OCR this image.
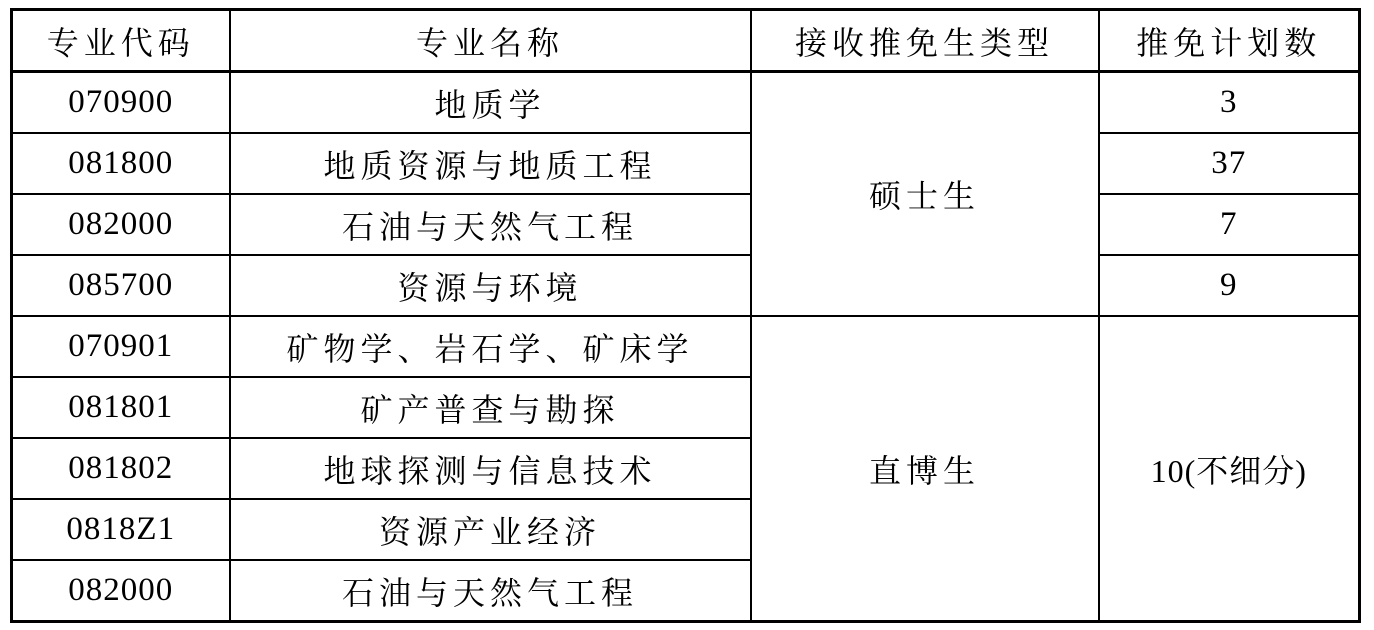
专业代码	专业名称	接收推免生类型	推免计划数
070900	地质学	硕士生	3
081800	地质资源与地质工程		37
082000	石油与天然气工程		7
085700	资源与环境		9
070901	矿物学、岩石学、矿床学	直博生	10(不细分)
081801	矿产普查与勘探		
081802	地球探测与信息技术		
0818Z1	资源产业经济		
082000	石油与天然气工程		
